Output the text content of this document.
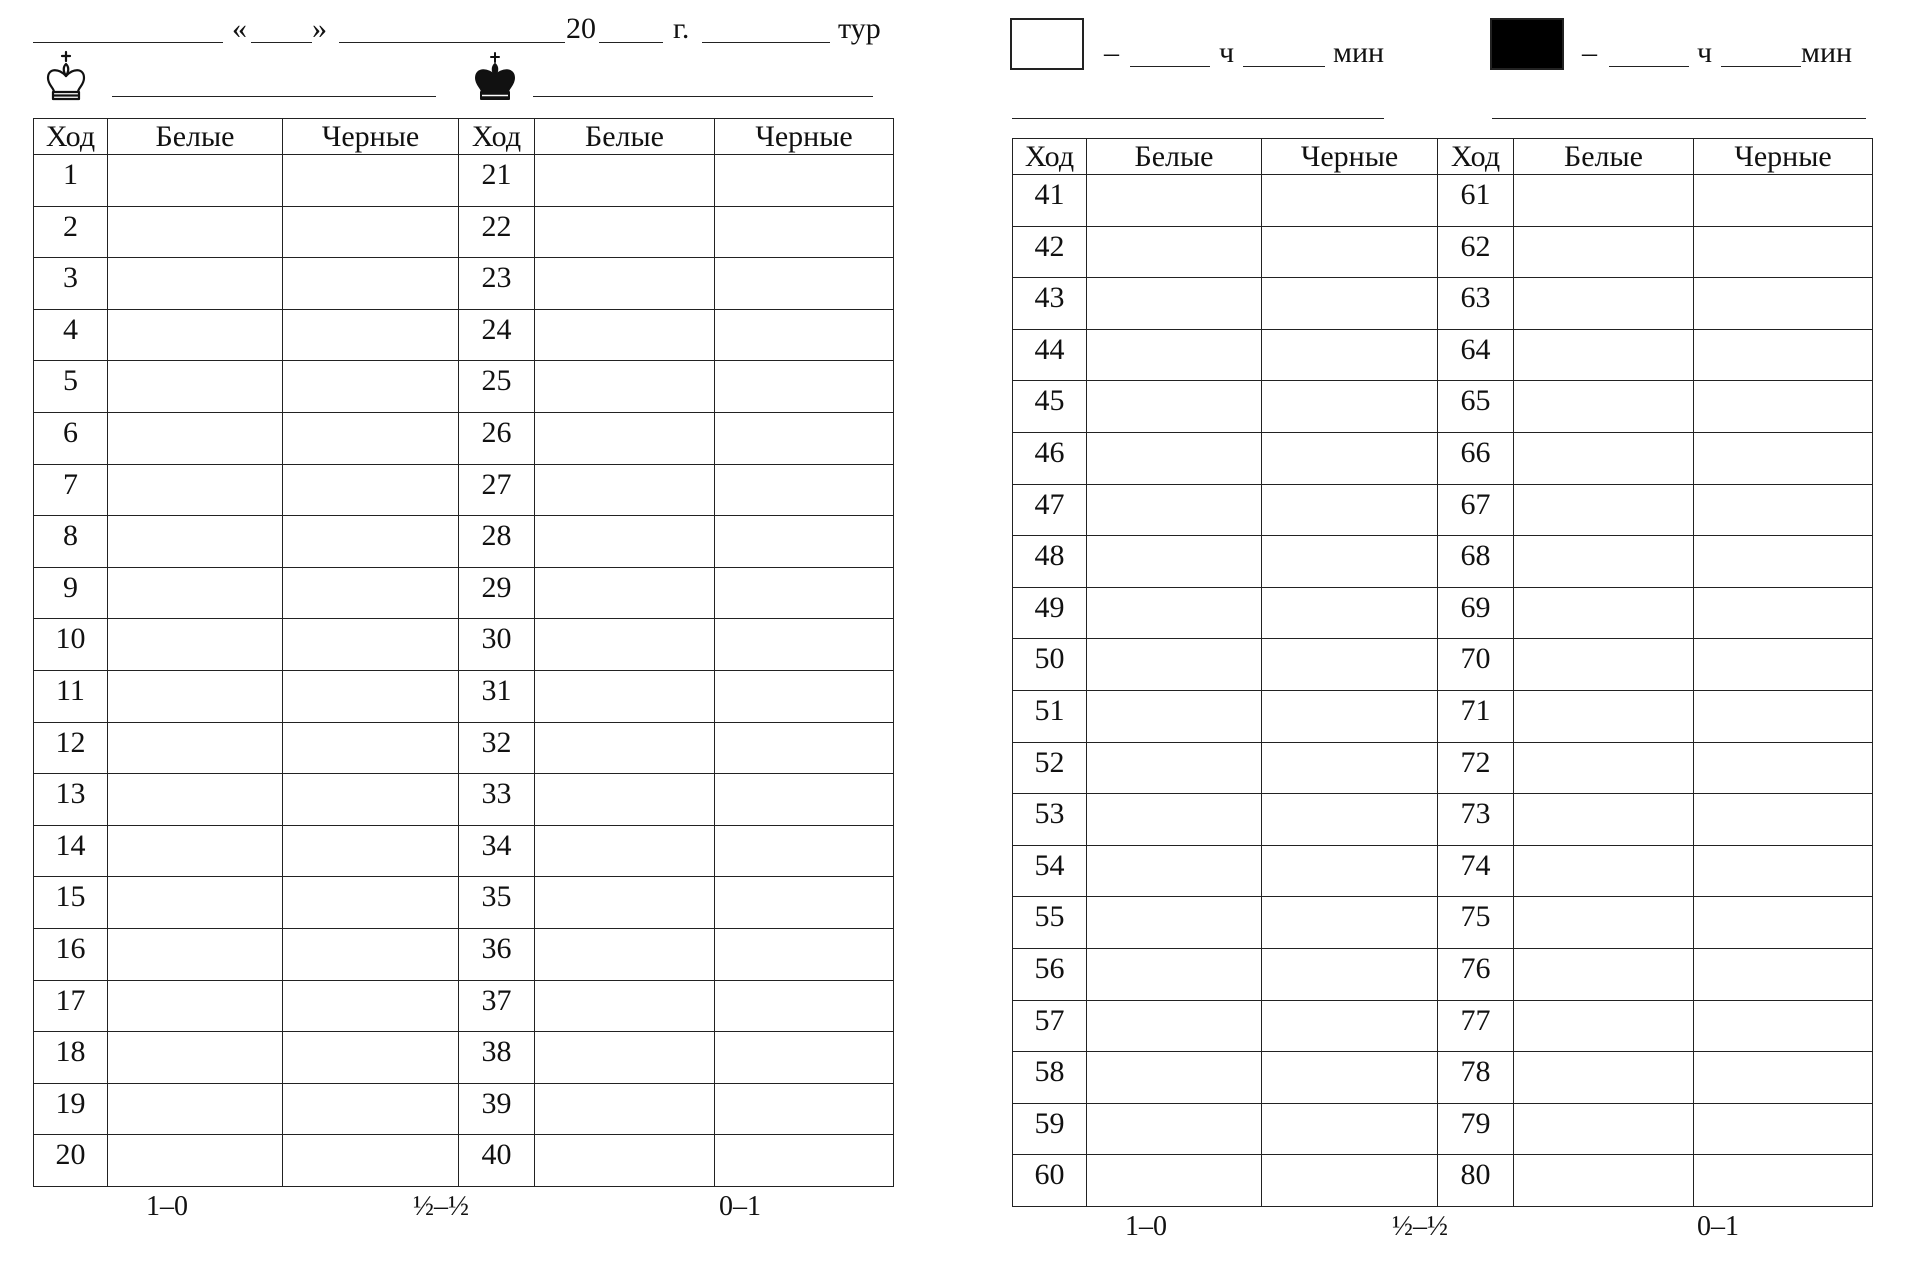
« »	20	г.	тур
Ход	Белые	Черные	Ход	Белые	Черные
1			21		
2			22		
3			23		
4			24		
5			25		
6			26		
7			27		
8			28		
9			29		
10			30		
11			31		
12			32		
13			33		
14			34		
15			35		
16			36		
17			37		
18			38		
19			39		
20			40		
1–0	½–½	0–1
–	ч	мин	–	ч	мин
Ход	Белые	Черные	Ход	Белые	Черные
41			61		
42			62		
43			63		
44			64		
45			65		
46			66		
47			67		
48			68		
49			69		
50			70		
51			71		
52			72		
53			73		
54			74		
55			75		
56			76		
57			77		
58			78		
59			79		
60			80		
1–0	½–½	0–1
